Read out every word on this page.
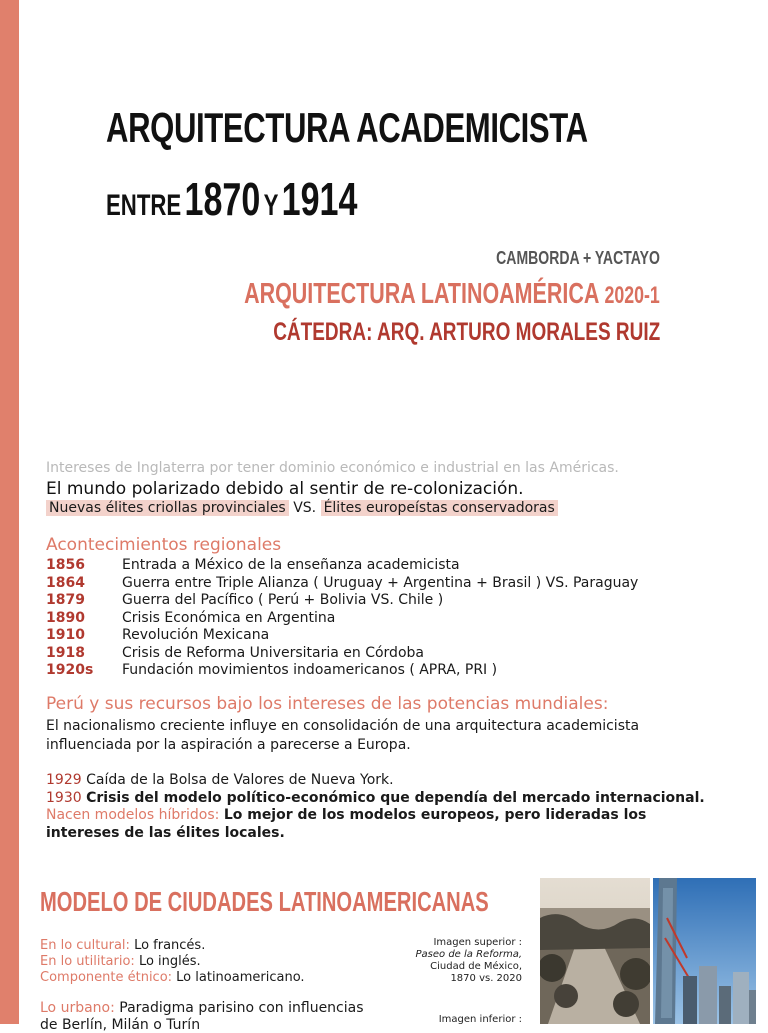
ARQUITECTURA ACADEMICISTA
ENTRE 1870 Y 1914
CAMBORDA + YACTAYO
ARQUITECTURA LATINOAMÉRICA 2020-1
CÁTEDRA: ARQ. ARTURO MORALES RUIZ
Intereses de Inglaterra por tener dominio económico e industrial en las Américas.
El mundo polarizado debido al sentir de re-colonización.
Nuevas élites criollas provinciales VS. Élites europeístas conservadoras
Acontecimientos regionales
1856	Entrada a México de la enseñanza academicista
1864	Guerra entre Triple Alianza ( Uruguay + Argentina + Brasil ) VS. Paraguay
1879	Guerra del Pacífico ( Perú + Bolivia VS. Chile )
1890	Crisis Económica en Argentina
1910	Revolución Mexicana
1918	Crisis de Reforma Universitaria en Córdoba
1920s Fundación movimientos indoamericanos ( APRA, PRI )
Perú y sus recursos bajo los intereses de las potencias mundiales:
El nacionalismo creciente influye en consolidación de una arquitectura academicista
influenciada por la aspiración a parecerse a Europa.
1929 Caída de la Bolsa de Valores de Nueva York.
1930 Crisis del modelo político-económico que dependía del mercado internacional.
Nacen modelos híbridos: Lo mejor de los modelos europeos, pero lideradas los
intereses de las élites locales.
MODELO DE CIUDADES LATINOAMERICANAS
En lo cultural: Lo francés.
En lo utilitario: Lo inglés.
Componente étnico: Lo latinoamericano.
Lo urbano: Paradigma parisino con influencias
de Berlín, Milán o Turín
Imagen superior :
Paseo de la Reforma,
Ciudad de México,
1870 vs. 2020
Imagen inferior :
